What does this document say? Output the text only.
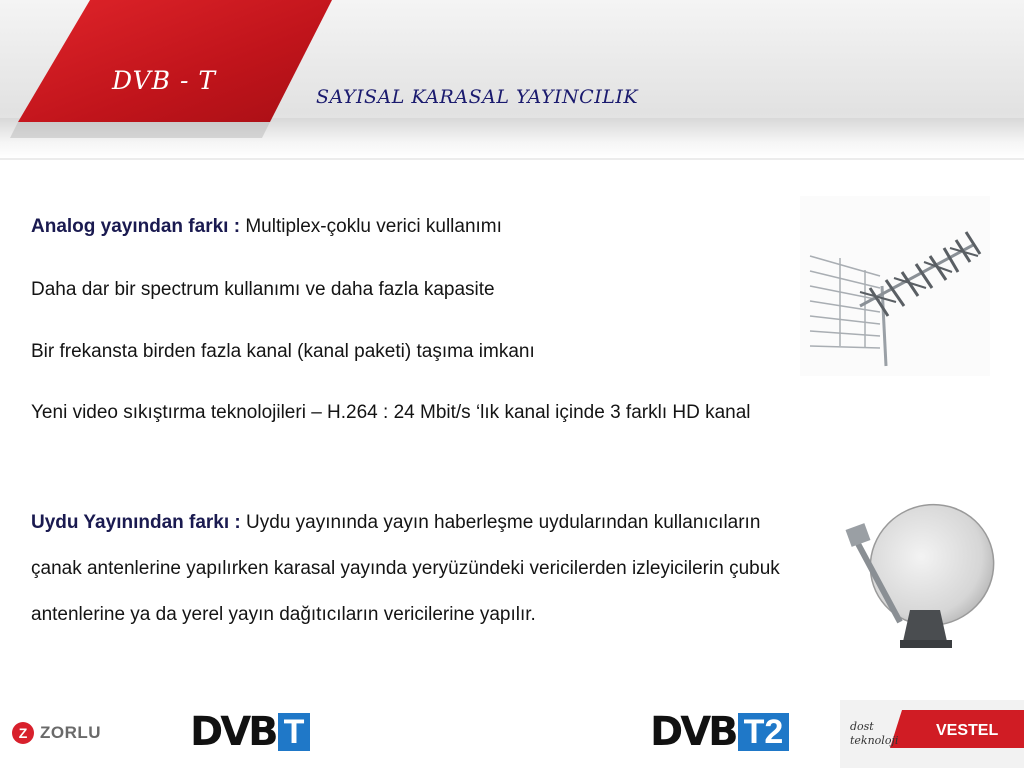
DVB - T
SAYISAL KARASAL YAYINCILIK
Analog yayından farkı : Multiplex-çoklu verici kullanımı
Daha dar bir spectrum kullanımı ve daha fazla kapasite
Bir frekansta birden fazla kanal (kanal paketi) taşıma imkanı
Yeni video sıkıştırma teknolojileri – H.264 : 24 Mbit/s ‘lık kanal içinde 3 farklı HD kanal
Uydu Yayınından farkı : Uydu yayınında yayın haberleşme uydularından kullanıcıların çanak antenlerine yapılırken karasal yayında yeryüzündeki vericilerden izleyicilerin çubuk antenlerine ya da yerel yayın dağıtıcıların vericilerine yapılır.
Z ZORLU DVB T	DVB T2	dost
teknoloji
VESTEL
